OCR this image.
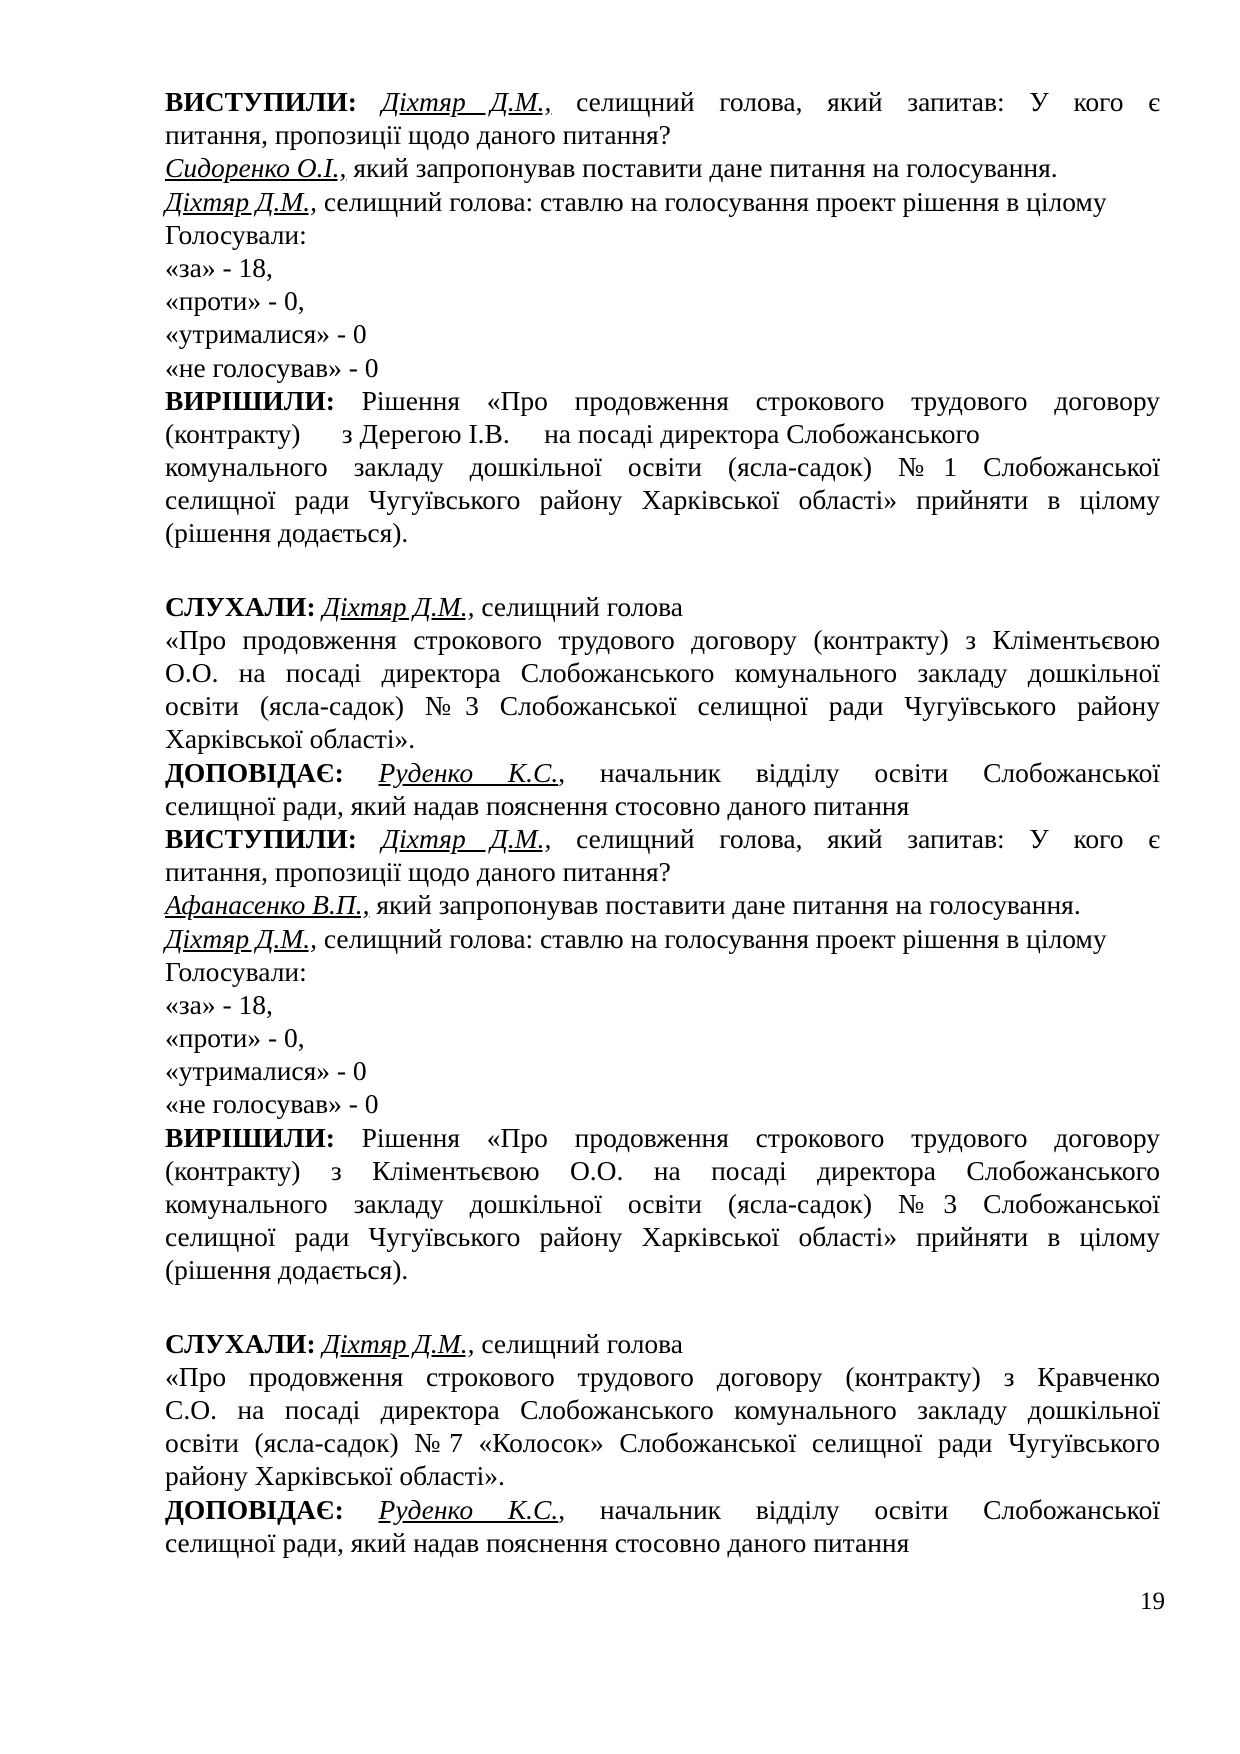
ВИСТУПИЛИ: Діхтяр Д.М., селищний голова, який запитав: У кого є

питання, пропозиції щодо даного питання?

Сидоренко О.І., який запропонував поставити дане питання на голосування.

Діхтяр Д.М., селищний голова: ставлю на голосування проект рішення в цілому

Голосували:

«за» - 18,

«проти» - 0,

«утрималися» - 0

«не голосував» - 0

ВИРІШИЛИ: Рішення «Про продовження строкового трудового договору

(контракту)      з Дерегою І.В.     на посаді директора Слобожанського

комунального закладу дошкільної освіти (ясла-садок) №1 Слобожанської

селищної ради Чугуївського району Харківської області» прийняти в цілому

(рішення додається).

СЛУХАЛИ: Діхтяр Д.М., селищний голова

«Про продовження строкового трудового договору (контракту) з Кліментьєвою

О.О. на посаді директора Слобожанського комунального закладу дошкільної

освіти (ясла-садок) №3 Слобожанської селищної ради Чугуївського району

Харківської області».

ДОПОВІДАЄ: Руденко К.С., начальник відділу освіти Слобожанської

селищної ради, який надав пояснення стосовно даного питання

ВИСТУПИЛИ: Діхтяр Д.М., селищний голова, який запитав: У кого є

питання, пропозиції щодо даного питання?

Афанасенко В.П., який запропонував поставити дане питання на голосування.

Діхтяр Д.М., селищний голова: ставлю на голосування проект рішення в цілому

Голосували:

«за» - 18,

«проти» - 0,

«утрималися» - 0

«не голосував» - 0

ВИРІШИЛИ: Рішення «Про продовження строкового трудового договору

(контракту) з Кліментьєвою О.О. на посаді директора Слобожанського

комунального закладу дошкільної освіти (ясла-садок) №3 Слобожанської

селищної ради Чугуївського району Харківської області» прийняти в цілому

(рішення додається).

СЛУХАЛИ: Діхтяр Д.М., селищний голова

«Про продовження строкового трудового договору (контракту) з Кравченко

С.О. на посаді директора Слобожанського комунального закладу дошкільної

освіти (ясла-садок) №7 «Колосок» Слобожанської селищної ради Чугуївського

району Харківської області».

ДОПОВІДАЄ: Руденко К.С., начальник відділу освіти Слобожанської

селищної ради, який надав пояснення стосовно даного питання

19
